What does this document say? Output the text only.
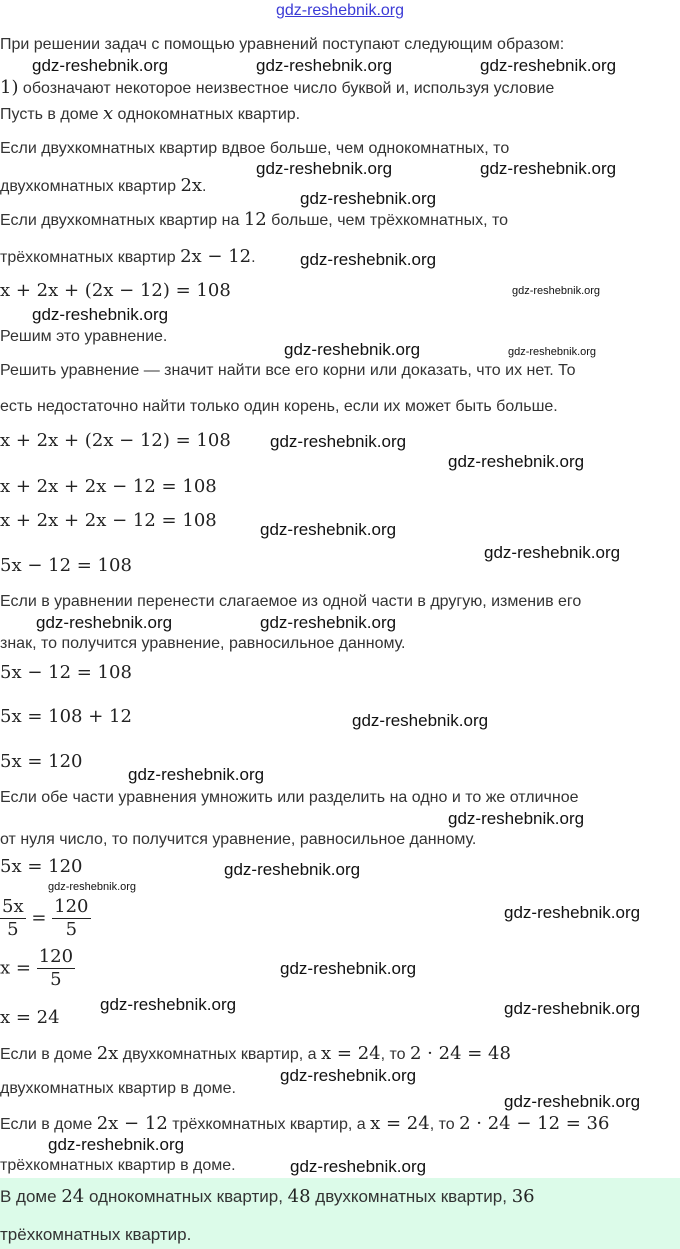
gdz-reshebnik.org
При решении задач с помощью уравнений поступают следующим образом:
1) обозначают некоторое неизвестное число буквой и, используя условие
Пусть в доме x однокомнатных квартир.
Если двухкомнатных квартир вдвое больше, чем однокомнатных, то
двухкомнатных квартир 2x.
Если двухкомнатных квартир на 12 больше, чем трёхкомнатных, то
трёхкомнатных квартир 2x − 12.
x + 2x + (2x − 12) = 108
Решим это уравнение.
Решить уравнение — значит найти все его корни или доказать, что их нет. То
есть недостаточно найти только один корень, если их может быть больше.
x + 2x + (2x − 12) = 108
x + 2x + 2x − 12 = 108
x + 2x + 2x − 12 = 108
5x − 12 = 108
Если в уравнении перенести слагаемое из одной части в другую, изменив его
знак, то получится уравнение, равносильное данному.
5x − 12 = 108
5x = 108 + 12
5x = 120
Если обе части уравнения умножить или разделить на одно и то же отличное
от нуля число, то получится уравнение, равносильное данному.
5x = 120
$\frac{5x}{5} = \frac{120}{5}$
$x = \frac{120}{5}$
x = 24
Если в доме 2x двухкомнатных квартир, а x = 24, то 2 · 24 = 48
двухкомнатных квартир в доме.
Если в доме 2x − 12 трёхкомнатных квартир, а x = 24, то 2 · 24 − 12 = 36
трёхкомнатных квартир в доме.
В доме 24 однокомнатных квартир, 48 двухкомнатных квартир, 36
трёхкомнатных квартир.
gdz-reshebnik.org	gdz-reshebnik.org	gdz-reshebnik.org
gdz-reshebnik.org	gdz-reshebnik.org
gdz-reshebnik.org
gdz-reshebnik.org
gdz-reshebnik.org
gdz-reshebnik.org
gdz-reshebnik.org	gdz-reshebnik.org
gdz-reshebnik.org
gdz-reshebnik.org
gdz-reshebnik.org
gdz-reshebnik.org
gdz-reshebnik.org	gdz-reshebnik.org
gdz-reshebnik.org
gdz-reshebnik.org
gdz-reshebnik.org
gdz-reshebnik.org
gdz-reshebnik.org
gdz-reshebnik.org
gdz-reshebnik.org
gdz-reshebnik.org	gdz-reshebnik.org
gdz-reshebnik.org
gdz-reshebnik.org
gdz-reshebnik.org
gdz-reshebnik.org
